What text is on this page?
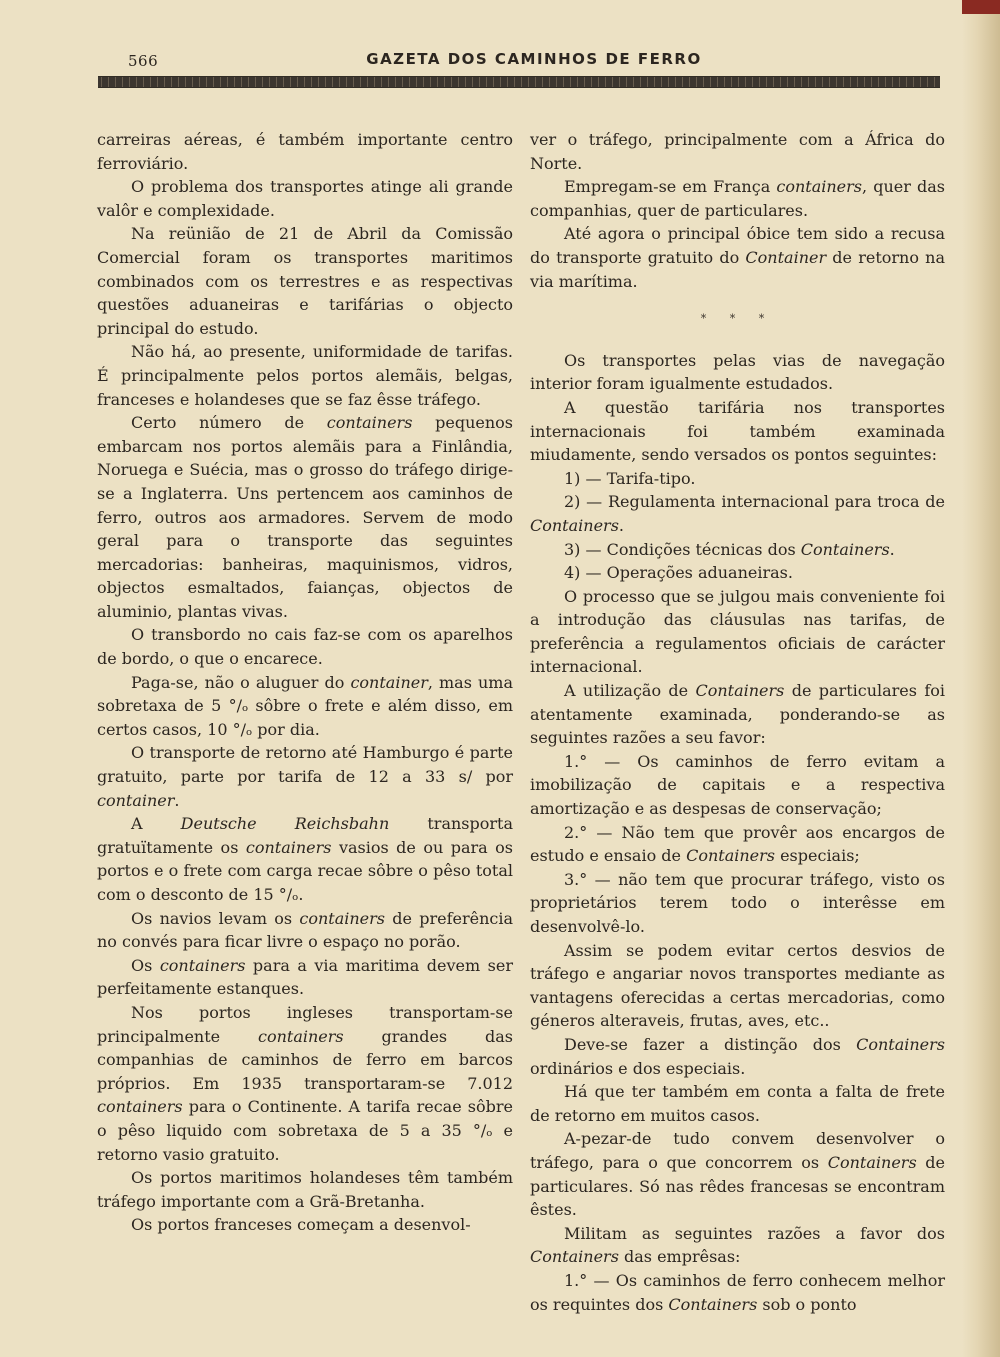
566	GAZETA DOS CAMINHOS DE FERRO

carreiras aéreas, é também importante centro ferroviário.

O problema dos transportes atinge ali grande valôr e complexidade.

Na reünião de 21 de Abril da Comissão Comercial foram os transportes maritimos combinados com os terrestres e as respectivas questões aduaneiras e tarifárias o objecto principal do estudo.

Não há, ao presente, uniformidade de tarifas. É principalmente pelos portos alemãis, belgas, franceses e holandeses que se faz êsse tráfego.

Certo número de containers pequenos embarcam nos portos alemãis para a Finlândia, Noruega e Suécia, mas o grosso do tráfego dirige-se a Inglaterra. Uns pertencem aos caminhos de ferro, outros aos armadores. Servem de modo geral para o transporte das seguintes mercadorias: banheiras, maquinismos, vidros, objectos esmaltados, faianças, objectos de aluminio, plantas vivas.

O transbordo no cais faz-se com os aparelhos de bordo, o que o encarece.

Paga-se, não o aluguer do container, mas uma sobretaxa de 5 °/ₒ sôbre o frete e além disso, em certos casos, 10 °/ₒ por dia.

O transporte de retorno até Hamburgo é parte gratuito, parte por tarifa de 12 a 33 s/ por container.

A Deutsche Reichsbahn transporta gratuïtamente os containers vasios de ou para os portos e o frete com carga recae sôbre o pêso total com o desconto de 15 °/ₒ.

Os navios levam os containers de preferência no convés para ficar livre o espaço no porão.

Os containers para a via maritima devem ser perfeitamente estanques.

Nos portos ingleses transportam-se principalmente containers grandes das companhias de caminhos de ferro em barcos próprios. Em 1935 transportaram-se 7.012 containers para o Continente. A tarifa recae sôbre o pêso liquido com sobretaxa de 5 a 35 °/ₒ e retorno vasio gratuito.

Os portos maritimos holandeses têm também tráfego importante com a Grã-Bretanha.

Os portos franceses começam a desenvol-

ver o tráfego, principalmente com a África do Norte.

Empregam-se em França containers, quer das companhias, quer de particulares.

Até agora o principal óbice tem sido a recusa do transporte gratuito do Container de retorno na via marítima.

* * *

Os transportes pelas vias de navegação interior foram igualmente estudados.

A questão tarifária nos transportes internacionais foi também examinada miudamente, sendo versados os pontos seguintes:

1) — Tarifa-tipo.

2) — Regulamenta internacional para troca de Containers.

3) — Condições técnicas dos Containers.

4) — Operações aduaneiras.

O processo que se julgou mais conveniente foi a introdução das cláusulas nas tarifas, de preferência a regulamentos oficiais de carácter internacional.

A utilização de Containers de particulares foi atentamente examinada, ponderando-se as seguintes razões a seu favor:

1.° — Os caminhos de ferro evitam a imobilização de capitais e a respectiva amortização e as despesas de conservação;

2.° — Não tem que provêr aos encargos de estudo e ensaio de Containers especiais;

3.° — não tem que procurar tráfego, visto os proprietários terem todo o interêsse em desenvolvê-lo.

Assim se podem evitar certos desvios de tráfego e angariar novos transportes mediante as vantagens oferecidas a certas mercadorias, como géneros alteraveis, frutas, aves, etc..

Deve-se fazer a distinção dos Containers ordinários e dos especiais.

Há que ter também em conta a falta de frete de retorno em muitos casos.

A-pezar-de tudo convem desenvolver o tráfego, para o que concorrem os Containers de particulares. Só nas rêdes francesas se encontram êstes.

Militam as seguintes razões a favor dos Containers das emprêsas:

1.° — Os caminhos de ferro conhecem melhor os requintes dos Containers sob o ponto
